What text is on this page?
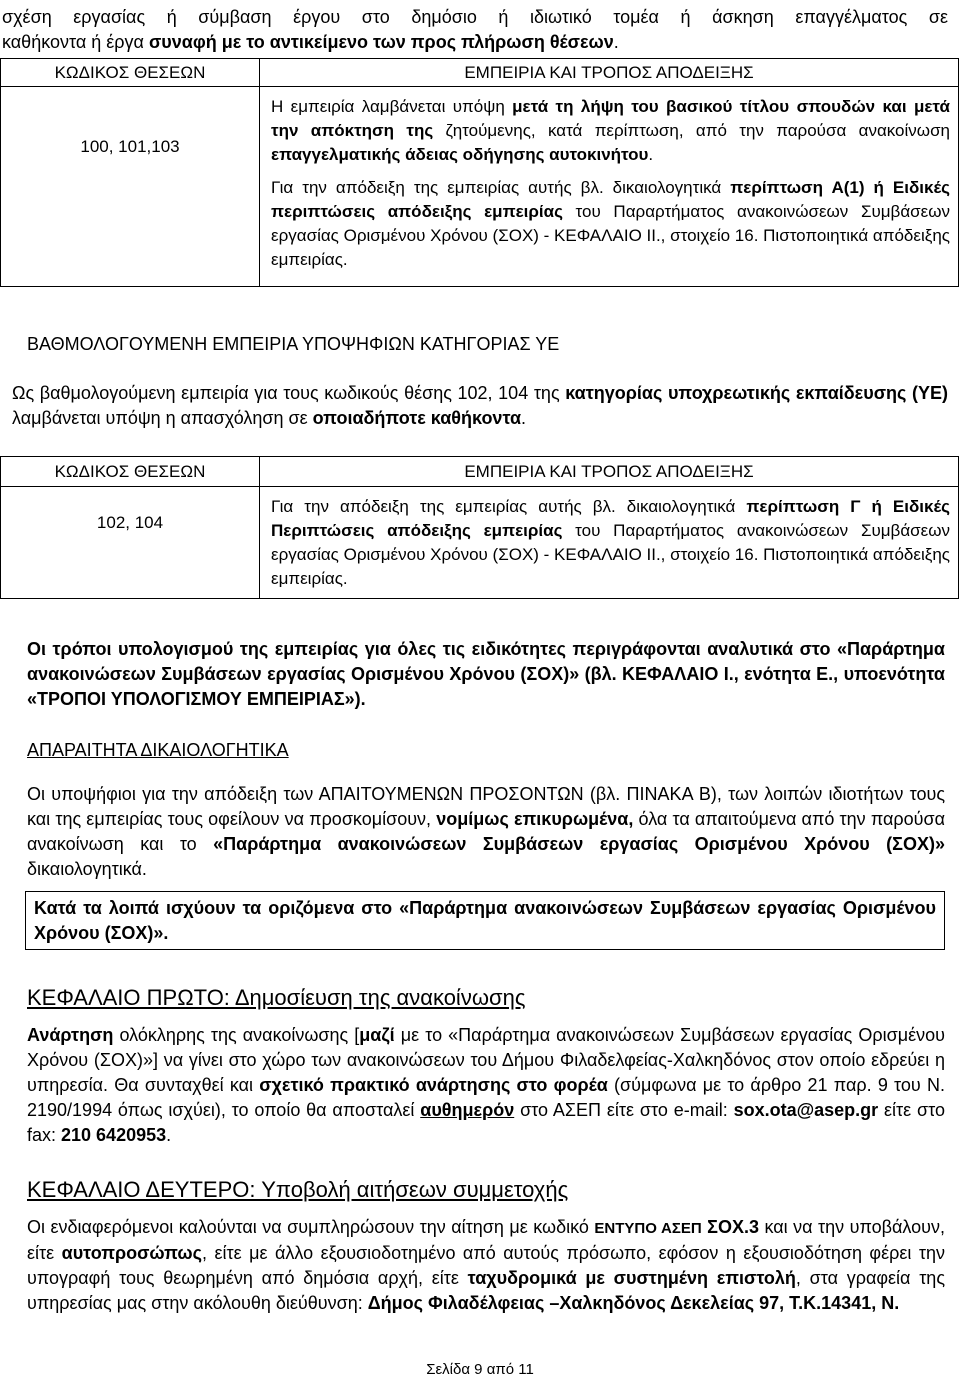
σχέση εργασίας ή σύμβαση έργου στο δημόσιο ή ιδιωτικό τομέα ή άσκηση επαγγέλματος σε
καθήκοντα ή έργα συναφή με το αντικείμενο των προς πλήρωση θέσεων.
ΚΩΔΙΚΟΣ ΘΕΣΕΩΝ	ΕΜΠΕΙΡΙΑ ΚΑΙ ΤΡΟΠΟΣ ΑΠΟΔΕΙΞΗΣ
100, 101,103	Η εμπειρία λαμβάνεται υπόψη μετά τη λήψη του βασικού τίτλου σπουδών και μετά την απόκτηση της ζητούμενης, κατά περίπτωση, από την παρούσα ανακοίνωση επαγγελματικής άδειας οδήγησης αυτοκινήτου.
Για την απόδειξη της εμπειρίας αυτής βλ. δικαιολογητικά περίπτωση Α(1) ή Ειδικές περιπτώσεις απόδειξης εμπειρίας του Παραρτήματος ανακοινώσεων Συμβάσεων εργασίας Ορισμένου Χρόνου (ΣΟΧ) - ΚΕΦΑΛΑΙΟ ΙΙ., στοιχείο 16. Πιστοποιητικά απόδειξης εμπειρίας.
ΒΑΘΜΟΛΟΓΟΥΜΕΝΗ ΕΜΠΕΙΡΙΑ ΥΠΟΨΗΦΙΩΝ ΚΑΤΗΓΟΡΙΑΣ ΥΕ
Ως βαθμολογούμενη εμπειρία για τους κωδικούς θέσης 102, 104 της κατηγορίας υποχρεωτικής εκπαίδευσης (ΥΕ) λαμβάνεται υπόψη η απασχόληση σε οποιαδήποτε καθήκοντα.
ΚΩΔΙΚΟΣ ΘΕΣΕΩΝ	ΕΜΠΕΙΡΙΑ ΚΑΙ ΤΡΟΠΟΣ ΑΠΟΔΕΙΞΗΣ
102, 104	Για την απόδειξη της εμπειρίας αυτής βλ. δικαιολογητικά περίπτωση Γ ή Ειδικές Περιπτώσεις απόδειξης εμπειρίας του Παραρτήματος ανακοινώσεων Συμβάσεων εργασίας Ορισμένου Χρόνου (ΣΟΧ) - ΚΕΦΑΛΑΙΟ ΙΙ., στοιχείο 16. Πιστοποιητικά απόδειξης εμπειρίας.
Οι τρόποι υπολογισμού της εμπειρίας για όλες τις ειδικότητες περιγράφονται αναλυτικά στο «Παράρτημα ανακοινώσεων Συμβάσεων εργασίας Ορισμένου Χρόνου (ΣΟΧ)» (βλ. ΚΕΦΑΛΑΙΟ Ι., ενότητα Ε., υποενότητα «ΤΡΟΠΟΙ ΥΠΟΛΟΓΙΣΜΟΥ ΕΜΠΕΙΡΙΑΣ»).
ΑΠΑΡΑΙΤΗΤΑ ΔΙΚΑΙΟΛΟΓΗΤΙΚΑ
Οι υποψήφιοι για την απόδειξη των ΑΠΑΙΤΟΥΜΕΝΩΝ ΠΡΟΣΟΝΤΩΝ (βλ. ΠΙΝΑΚΑ Β), των λοιπών ιδιοτήτων τους και της εμπειρίας τους οφείλουν να προσκομίσουν, νομίμως επικυρωμένα, όλα τα απαιτούμενα από την παρούσα ανακοίνωση και το «Παράρτημα ανακοινώσεων Συμβάσεων εργασίας Ορισμένου Χρόνου (ΣΟΧ)» δικαιολογητικά.
Κατά τα λοιπά ισχύουν τα οριζόμενα στο «Παράρτημα ανακοινώσεων Συμβάσεων εργασίας Ορισμένου Χρόνου (ΣΟΧ)».
ΚΕΦΑΛΑΙΟ ΠΡΩΤΟ: Δημοσίευση της ανακοίνωσης
Ανάρτηση ολόκληρης της ανακοίνωσης [μαζί με το «Παράρτημα ανακοινώσεων Συμβάσεων εργασίας Ορισμένου Χρόνου (ΣΟΧ)»] να γίνει στο χώρο των ανακοινώσεων του Δήμου Φιλαδελφείας-Χαλκηδόνος στον οποίο εδρεύει η υπηρεσία. Θα συνταχθεί και σχετικό πρακτικό ανάρτησης στο φορέα (σύμφωνα με το άρθρο 21 παρ. 9 του Ν. 2190/1994 όπως ισχύει), το οποίο θα αποσταλεί αυθημερόν στο ΑΣΕΠ είτε στο e-mail: sox.ota@asep.gr είτε στο fax: 210 6420953.
ΚΕΦΑΛΑΙΟ ΔΕΥΤΕΡΟ: Υποβολή αιτήσεων συμμετοχής
Οι ενδιαφερόμενοι καλούνται να συμπληρώσουν την αίτηση με κωδικό ΕΝΤΥΠΟ ΑΣΕΠ ΣΟΧ.3 και να την υποβάλουν, είτε αυτοπροσώπως, είτε με άλλο εξουσιοδοτημένο από αυτούς πρόσωπο, εφόσον η εξουσιοδότηση φέρει την υπογραφή τους θεωρημένη από δημόσια αρχή, είτε ταχυδρομικά με συστημένη επιστολή, στα γραφεία της υπηρεσίας μας στην ακόλουθη διεύθυνση: Δήμος Φιλαδέλφειας –Χαλκηδόνος Δεκελείας 97, Τ.Κ.14341, Ν.
Σελίδα 9 από 11
